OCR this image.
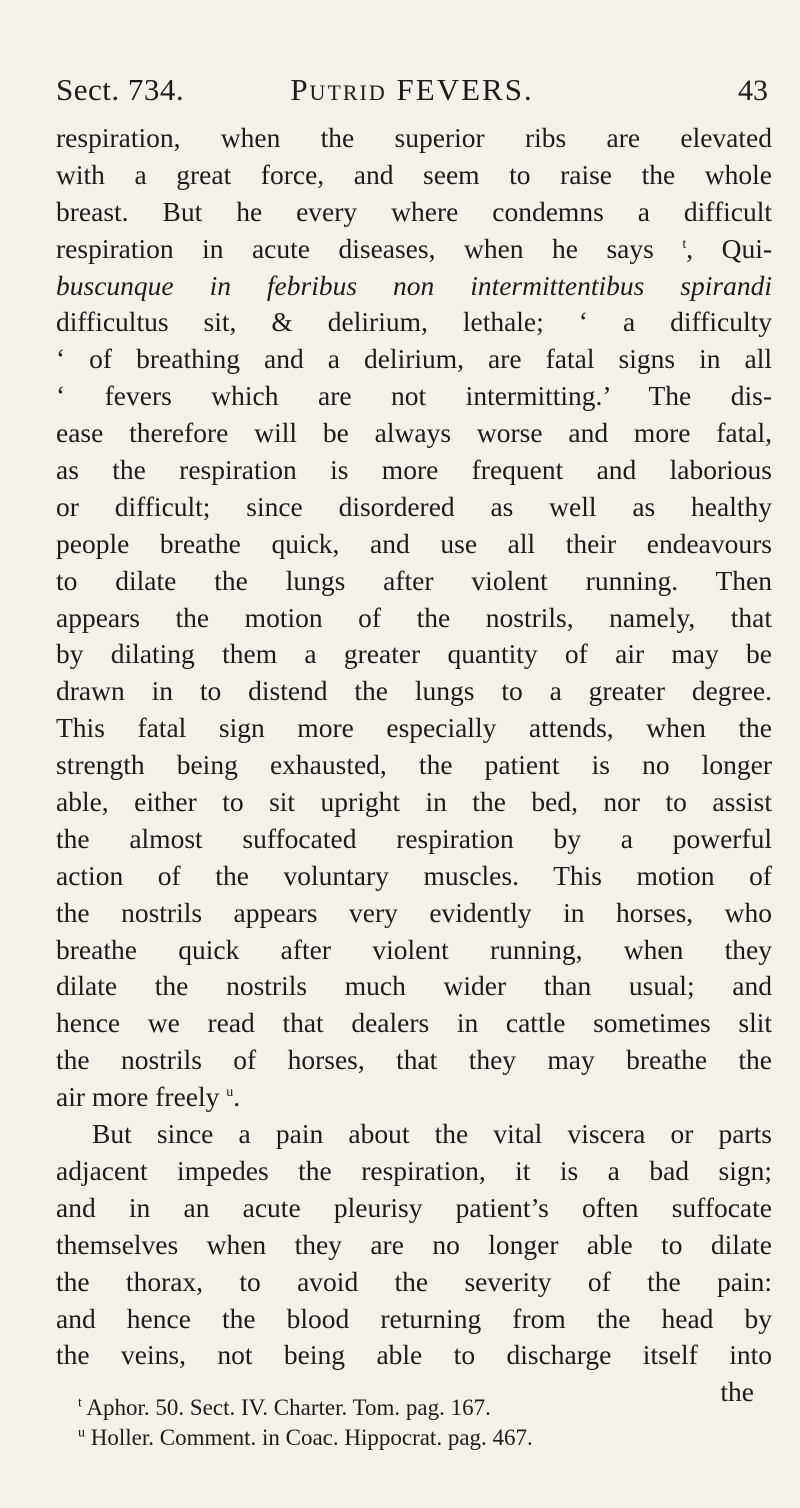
Sect. 734.	Putrid FEVERS.	43
respiration, when the superior ribs are elevated
with a great force, and seem to raise the whole
breast. But he every where condemns a difficult
respiration in acute diseases, when he says $^t$, Qui-
buscunque in febribus non intermittentibus spirandi
difficultus sit, & delirium, lethale; ‘ a difficulty
‘ of breathing and a delirium, are fatal signs in all
‘ fevers which are not intermitting.’ The dis-
ease therefore will be always worse and more fatal,
as the respiration is more frequent and laborious
or difficult; since disordered as well as healthy
people breathe quick, and use all their endeavours
to dilate the lungs after violent running. Then
appears the motion of the nostrils, namely, that
by dilating them a greater quantity of air may be
drawn in to distend the lungs to a greater degree.
This fatal sign more especially attends, when the
strength being exhausted, the patient is no longer
able, either to sit upright in the bed, nor to assist
the almost suffocated respiration by a powerful
action of the voluntary muscles. This motion of
the nostrils appears very evidently in horses, who
breathe quick after violent running, when they
dilate the nostrils much wider than usual; and
hence we read that dealers in cattle sometimes slit
the nostrils of horses, that they may breathe the
air more freely $^u$.
But since a pain about the vital viscera or parts
adjacent impedes the respiration, it is a bad sign;
and in an acute pleurisy patient’s often suffocate
themselves when they are no longer able to dilate
the thorax, to avoid the severity of the pain:
and hence the blood returning from the head by
the veins, not being able to discharge itself into
the
$^t$ Aphor. 50. Sect. IV. Charter. Tom. pag. 167.
$^u$ Holler. Comment. in Coac. Hippocrat. pag. 467.
